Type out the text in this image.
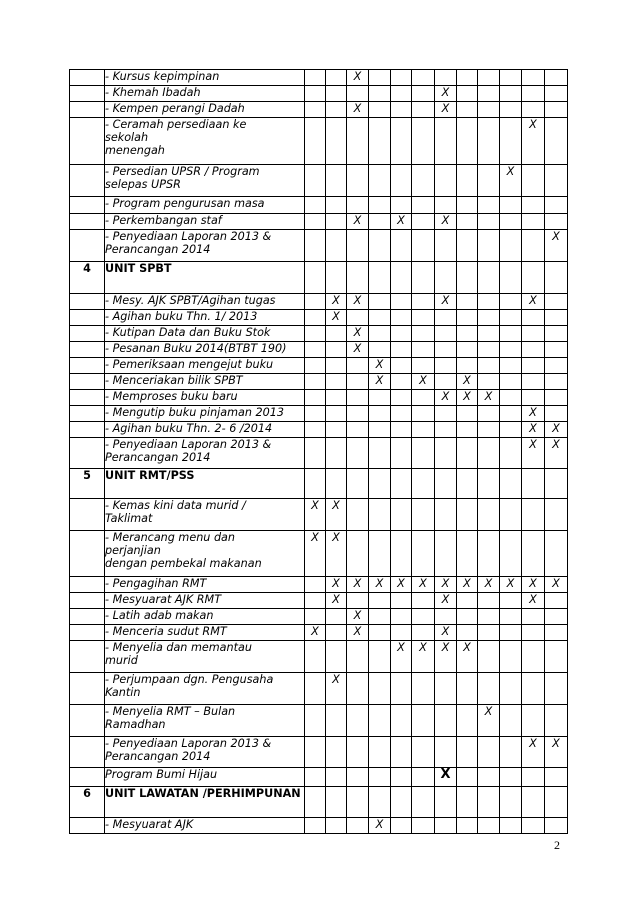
	- Kursus kepimpinan			X									
	- Khemah Ibadah							X					
	- Kempen perangi Dadah			X				X					
	- Ceramah persediaan ke
sekolah
menengah											X	
	- Persedian UPSR / Program
selepas UPSR										X		
	- Program pengurusan masa												
	- Perkembangan staf			X		X		X					
	- Penyediaan Laporan 2013 &
Perancangan 2014												X
4	UNIT SPBT												
	- Mesy. AJK SPBT/Agihan tugas		X	X				X				X	
	- Agihan buku Thn. 1/ 2013		X										
	- Kutipan Data dan Buku Stok			X									
	- Pesanan Buku 2014(BTBT 190)			X									
	- Pemeriksaan mengejut buku				X								
	- Menceriakan bilik SPBT				X		X		X				
	- Memproses buku baru							X	X	X			
	- Mengutip buku pinjaman 2013											X	
	- Agihan buku Thn. 2- 6 /2014											X	X
	- Penyediaan Laporan 2013 &
Perancangan 2014											X	X
5	UNIT RMT/PSS												
	- Kemas kini data murid /
Taklimat	X	X										
	- Merancang menu dan
perjanjian
dengan pembekal makanan	X	X										
	- Pengagihan RMT		X	X	X	X	X	X	X	X	X	X	X
	- Mesyuarat AJK RMT		X					X				X	
	- Latih adab makan			X									
	- Menceria sudut RMT	X		X				X					
	- Menyelia dan memantau
murid					X	X	X	X				
	- Perjumpaan dgn. Pengusaha
Kantin		X										
	- Menyelia RMT – Bulan
Ramadhan									X			
	- Penyediaan Laporan 2013 &
Perancangan 2014											X	X
	Program Bumi Hijau							X					
6	UNIT LAWATAN /PERHIMPUNAN												
	- Mesyuarat AJK				X								
2
